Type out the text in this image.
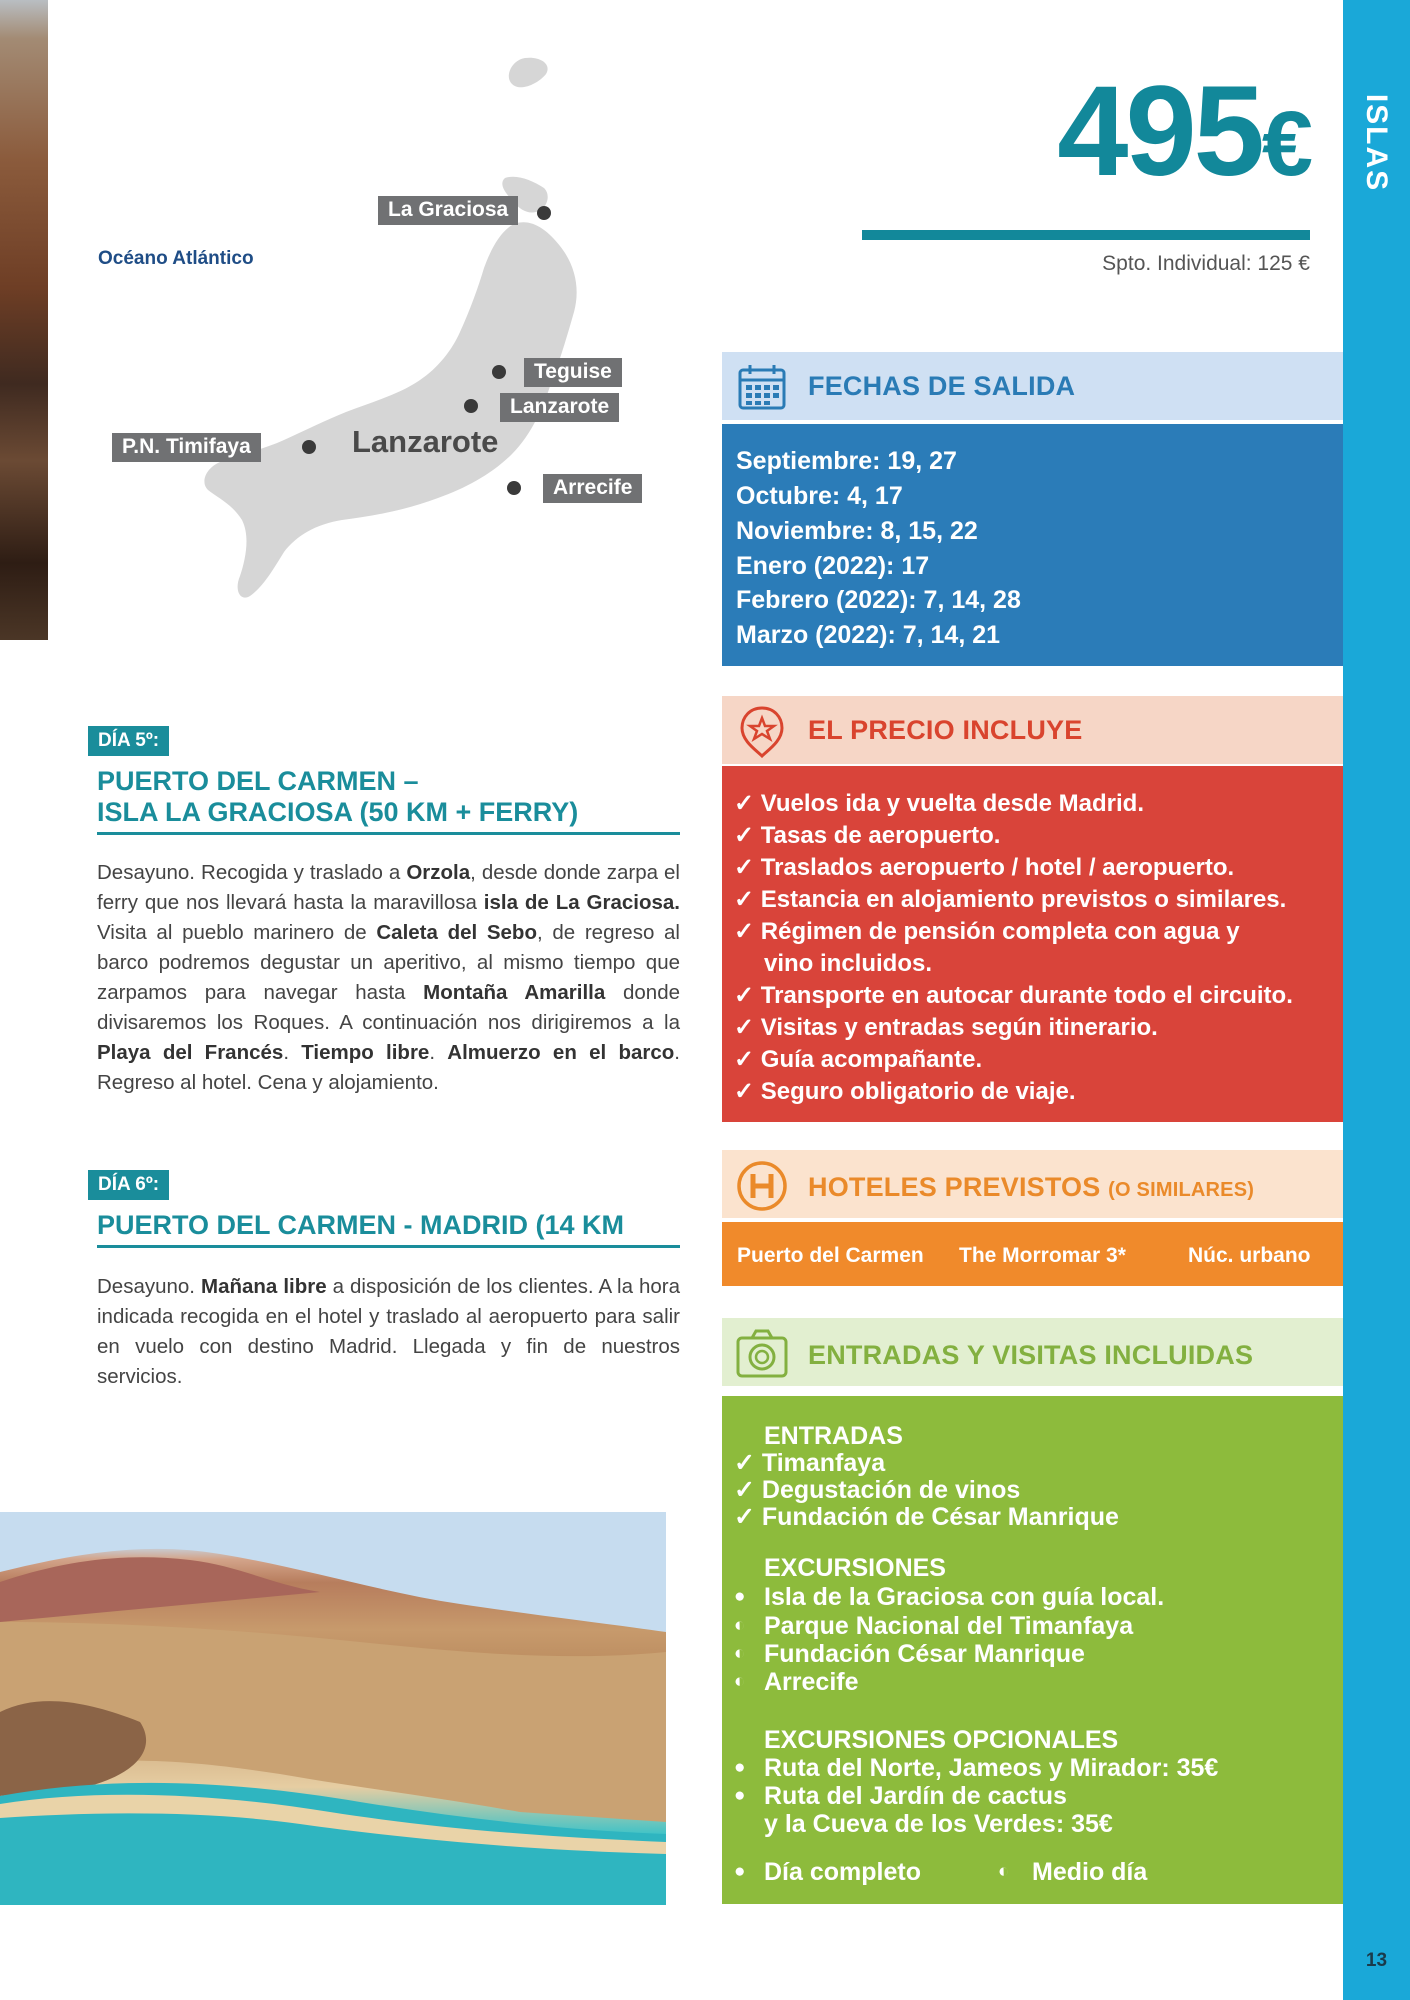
Océano Atlántico
La Graciosa
Teguise
Lanzarote
P.N. Timifaya
Arrecife
Lanzarote
495€
Spto. Individual: 125 €
ISLAS
13
FECHAS DE SALIDA
Septiembre: 19, 27
Octubre: 4, 17
Noviembre: 8, 15, 22
Enero (2022): 17
Febrero (2022): 7, 14, 28
Marzo (2022): 7, 14, 21
EL PRECIO INCLUYE
✓ Vuelos ida y vuelta desde Madrid.
✓ Tasas de aeropuerto.
✓ Traslados aeropuerto / hotel / aeropuerto.
✓ Estancia en alojamiento previstos o similares.
✓ Régimen de pensión completa con agua y
vino incluidos.
✓ Transporte en autocar durante todo el circuito.
✓ Visitas y entradas según itinerario.
✓ Guía acompañante.
✓ Seguro obligatorio de viaje.
HOTELES PREVISTOS (O SIMILARES)
Puerto del Carmen The Morromar 3*	Núc. urbano
ENTRADAS Y VISITAS INCLUIDAS
ENTRADAS
✓ Timanfaya
✓ Degustación de vinos
✓ Fundación de César Manrique
EXCURSIONES
● Isla de la Graciosa con guía local.
◐ Parque Nacional del Timanfaya
◐ Fundación César Manrique
◐ Arrecife
EXCURSIONES OPCIONALES
● Ruta del Norte, Jameos y Mirador: 35€
● Ruta del Jardín de cactus
y la Cueva de los Verdes: 35€
● Día completo	◐ Medio día
DÍA 5º:
PUERTO DEL CARMEN –
ISLA LA GRACIOSA (50 KM + FERRY)
Desayuno. Recogida y traslado a Orzola, desde donde zarpa el ferry que nos llevará hasta la maravillosa isla de La Graciosa. Visita al pueblo marinero de Caleta del Sebo, de regreso al barco podremos degustar un aperitivo, al mismo tiempo que zarpamos para navegar hasta Montaña Amarilla donde divisaremos los Roques. A continuación nos dirigiremos a la Playa del Francés. Tiempo libre. Almuerzo en el barco. Regreso al hotel. Cena y alojamiento.
DÍA 6º:
PUERTO DEL CARMEN - MADRID (14 KM
Desayuno. Mañana libre a disposición de los clientes. A la hora indicada recogida en el hotel y traslado al aeropuerto para salir en vuelo con destino Madrid. Llegada y fin de nuestros servicios.
